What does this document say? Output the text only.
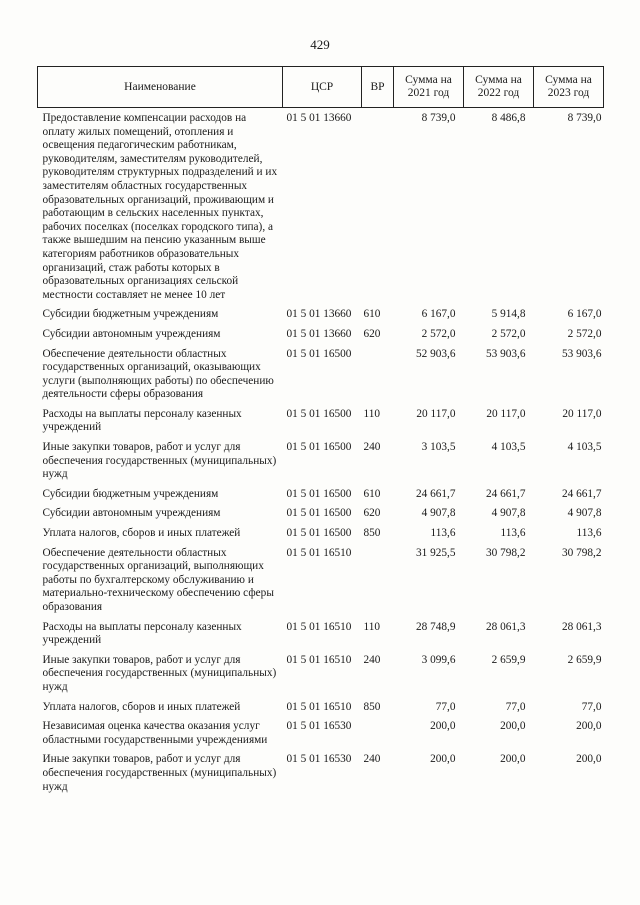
429
Наименование	ЦСР	ВР	Сумма на 2021 год	Сумма на 2022 год	Сумма на 2023 год
Предоставление компенсации расходов на оплату жилых помещений, отопления и освещения педагогическим работникам, руководителям, заместителям руководителей, руководителям структурных подразделений и их заместителям областных государственных образовательных организаций, проживающим и работающим в сельских населенных пунктах, рабочих поселках (поселках городского типа), а также вышедшим на пенсию указанным выше категориям работников образовательных организаций, стаж работы которых в образовательных организациях сельской местности составляет не менее 10 лет	01 5 01 13660		8 739,0	8 486,8	8 739,0
Субсидии бюджетным учреждениям	01 5 01 13660	610	6 167,0	5 914,8	6 167,0
Субсидии автономным учреждениям	01 5 01 13660	620	2 572,0	2 572,0	2 572,0
Обеспечение деятельности областных государственных организаций, оказывающих услуги (выполняющих работы) по обеспечению деятельности сферы образования	01 5 01 16500		52 903,6	53 903,6	53 903,6
Расходы на выплаты персоналу казенных учреждений	01 5 01 16500	110	20 117,0	20 117,0	20 117,0
Иные закупки товаров, работ и услуг для обеспечения государственных (муниципальных) нужд	01 5 01 16500	240	3 103,5	4 103,5	4 103,5
Субсидии бюджетным учреждениям	01 5 01 16500	610	24 661,7	24 661,7	24 661,7
Субсидии автономным учреждениям	01 5 01 16500	620	4 907,8	4 907,8	4 907,8
Уплата налогов, сборов и иных платежей	01 5 01 16500	850	113,6	113,6	113,6
Обеспечение деятельности областных государственных организаций, выполняющих работы по бухгалтерскому обслуживанию и материально-техническому обеспечению сферы образования	01 5 01 16510		31 925,5	30 798,2	30 798,2
Расходы на выплаты персоналу казенных учреждений	01 5 01 16510	110	28 748,9	28 061,3	28 061,3
Иные закупки товаров, работ и услуг для обеспечения государственных (муниципальных) нужд	01 5 01 16510	240	3 099,6	2 659,9	2 659,9
Уплата налогов, сборов и иных платежей	01 5 01 16510	850	77,0	77,0	77,0
Независимая оценка качества оказания услуг областными государственными учреждениями	01 5 01 16530		200,0	200,0	200,0
Иные закупки товаров, работ и услуг для обеспечения государственных (муниципальных) нужд	01 5 01 16530	240	200,0	200,0	200,0
